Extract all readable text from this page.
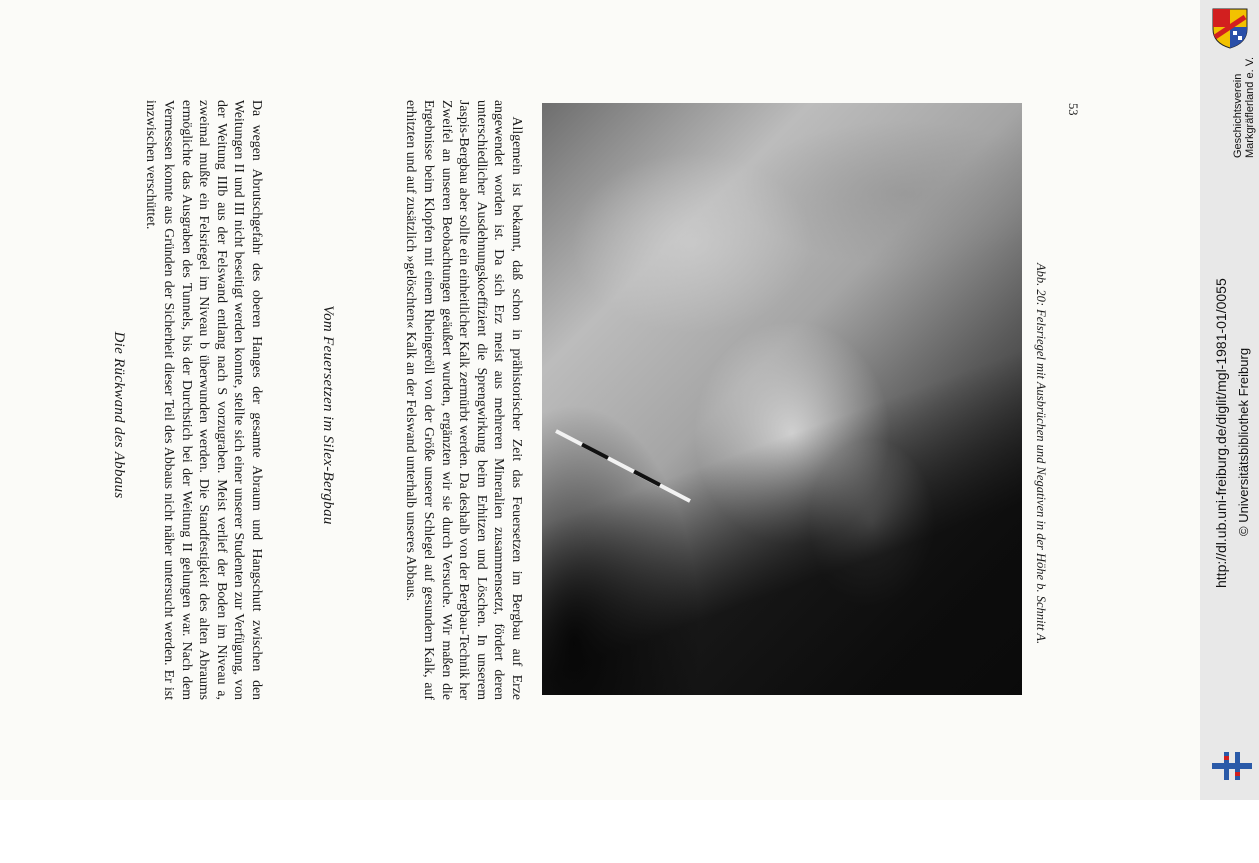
Die Rückwand des Abbaus	Da wegen Abrutschgefahr des oberen Hanges der gesamte Abraum und Hangschutt zwischen den Weitungen II und III nicht beseitigt werden konnte, stellte sich einer unserer Studenten zur Verfügung, von der Weitung IIIb aus der Felswand entlang nach S vorzugraben. Meist verlief der Boden im Niveau a, zweimal mußte ein Felsriegel im Niveau b überwunden werden. Die Standfestigkeit des alten Abraums ermöglichte das Ausgraben des Tunnels, bis der Durchstich bei der Weitung II gelungen war. Nach dem Vermessen konnte aus Gründen der Sicherheit dieser Teil des Abbaus nicht näher untersucht werden. Er ist inzwischen verschüttet.

Vom Feuersetzen im Silex-Bergbau	Allgemein ist bekannt, daß schon in prähistorischer Zeit das Feuersetzen im Bergbau auf Erze angewendet worden ist. Da sich Erz meist aus mehreren Mineralien zusammensetzt, fördert deren unterschiedlicher Ausdehnungskoeffizient die Sprengwirkung beim Erhitzen und Löschen. In unserem Jaspis-Bergbau aber sollte ein einheitlicher Kalk zermürbt werden. Da deshalb von der Bergbau-Technik her Zweifel an unseren Beobachtungen geäußert wurden, ergänzten wir sie durch Versuche. Wir maßen die Ergebnisse beim Klopfen mit einem Rheingeröll von der Größe unserer Schlegel auf gesundem Kalk, auf erhitzten und auf zusätzlich »gelöschten« Kalk an der Felswand unterhalb unseres Abbaus.	Abb. 20: Felsriegel mit Ausbrüchen und Negativen in der Höhe b. Schnitt A.

53	Geschichtsverein Markgräflerland e. V.
http://dl.ub.uni-freiburg.de/diglit/mgl-1981-01/0055 © Universitätsbibliothek Freiburg
